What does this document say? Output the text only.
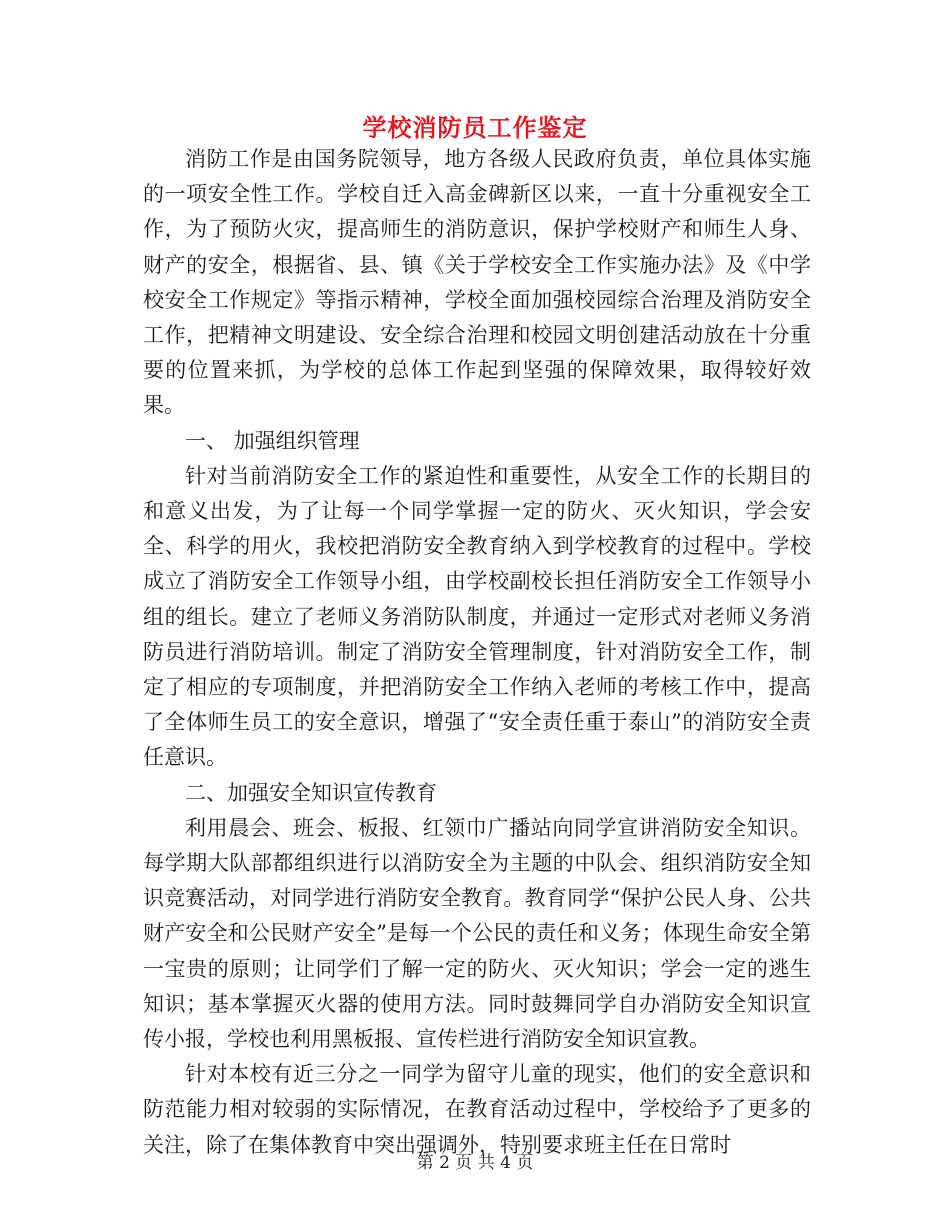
学校消防员工作鉴定

消防工作是由国务院领导，地方各级人民政府负责，单位具体实施的一项安全性工作。学校自迁入高金碑新区以来，一直十分重视安全工作，为了预防火灾，提高师生的消防意识，保护学校财产和师生人身、财产的安全，根据省、县、镇《关于学校安全工作实施办法》及《中学校安全工作规定》等指示精神，学校全面加强校园综合治理及消防安全工作，把精神文明建设、安全综合治理和校园文明创建活动放在十分重要的位置来抓，为学校的总体工作起到坚强的保障效果，取得较好效果。

一、 加强组织管理

针对当前消防安全工作的紧迫性和重要性，从安全工作的长期目的和意义出发，为了让每一个同学掌握一定的防火、灭火知识，学会安全、科学的用火，我校把消防安全教育纳入到学校教育的过程中。学校成立了消防安全工作领导小组，由学校副校长担任消防安全工作领导小组的组长。建立了老师义务消防队制度，并通过一定形式对老师义务消防员进行消防培训。制定了消防安全管理制度，针对消防安全工作，制定了相应的专项制度，并把消防安全工作纳入老师的考核工作中，提高了全体师生员工的安全意识，增强了“安全责任重于泰山”的消防安全责任意识。

二、加强安全知识宣传教育

利用晨会、班会、板报、红领巾广播站向同学宣讲消防安全知识。每学期大队部都组织进行以消防安全为主题的中队会、组织消防安全知识竞赛活动，对同学进行消防安全教育。教育同学“保护公民人身、公共财产安全和公民财产安全”是每一个公民的责任和义务；体现生命安全第一宝贵的原则；让同学们了解一定的防火、灭火知识；学会一定的逃生知识；基本掌握灭火器的使用方法。同时鼓舞同学自办消防安全知识宣传小报，学校也利用黑板报、宣传栏进行消防安全知识宣教。

针对本校有近三分之一同学为留守儿童的现实，他们的安全意识和防范能力相对较弱的实际情况，在教育活动过程中，学校给予了更多的关注，除了在集体教育中突出强调外，特别要求班主任在日常时

第 2 页 共 4 页
